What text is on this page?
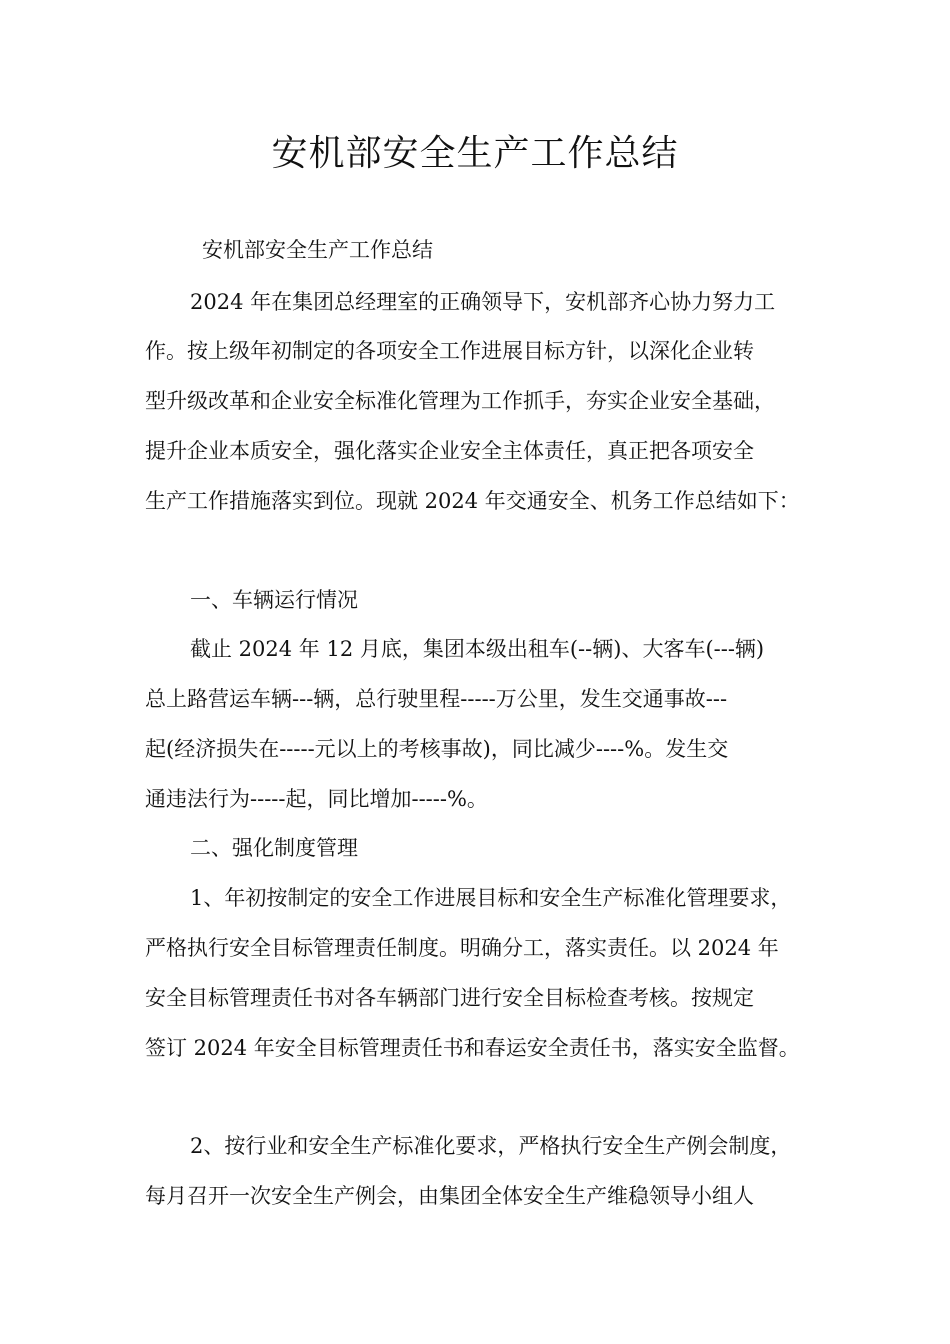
安机部安全生产工作总结

安机部安全生产工作总结

2024 年在集团总经理室的正确领导下，安机部齐心协力努力工

作。按上级年初制定的各项安全工作进展目标方针，以深化企业转

型升级改革和企业安全标准化管理为工作抓手，夯实企业安全基础，

提升企业本质安全，强化落实企业安全主体责任，真正把各项安全

生产工作措施落实到位。现就 2024 年交通安全、机务工作总结如下：

一、车辆运行情况

截止 2024 年 12 月底，集团本级出租车(--辆)、大客车(---辆)

总上路营运车辆---辆，总行驶里程-----万公里，发生交通事故---

起(经济损失在-----元以上的考核事故)，同比减少----%。发生交

通违法行为-----起，同比增加-----%。

二、强化制度管理

1、年初按制定的安全工作进展目标和安全生产标准化管理要求，

严格执行安全目标管理责任制度。明确分工，落实责任。以 2024 年

安全目标管理责任书对各车辆部门进行安全目标检查考核。按规定

签订 2024 年安全目标管理责任书和春运安全责任书，落实安全监督。

2、按行业和安全生产标准化要求，严格执行安全生产例会制度，

每月召开一次安全生产例会，由集团全体安全生产维稳领导小组人
